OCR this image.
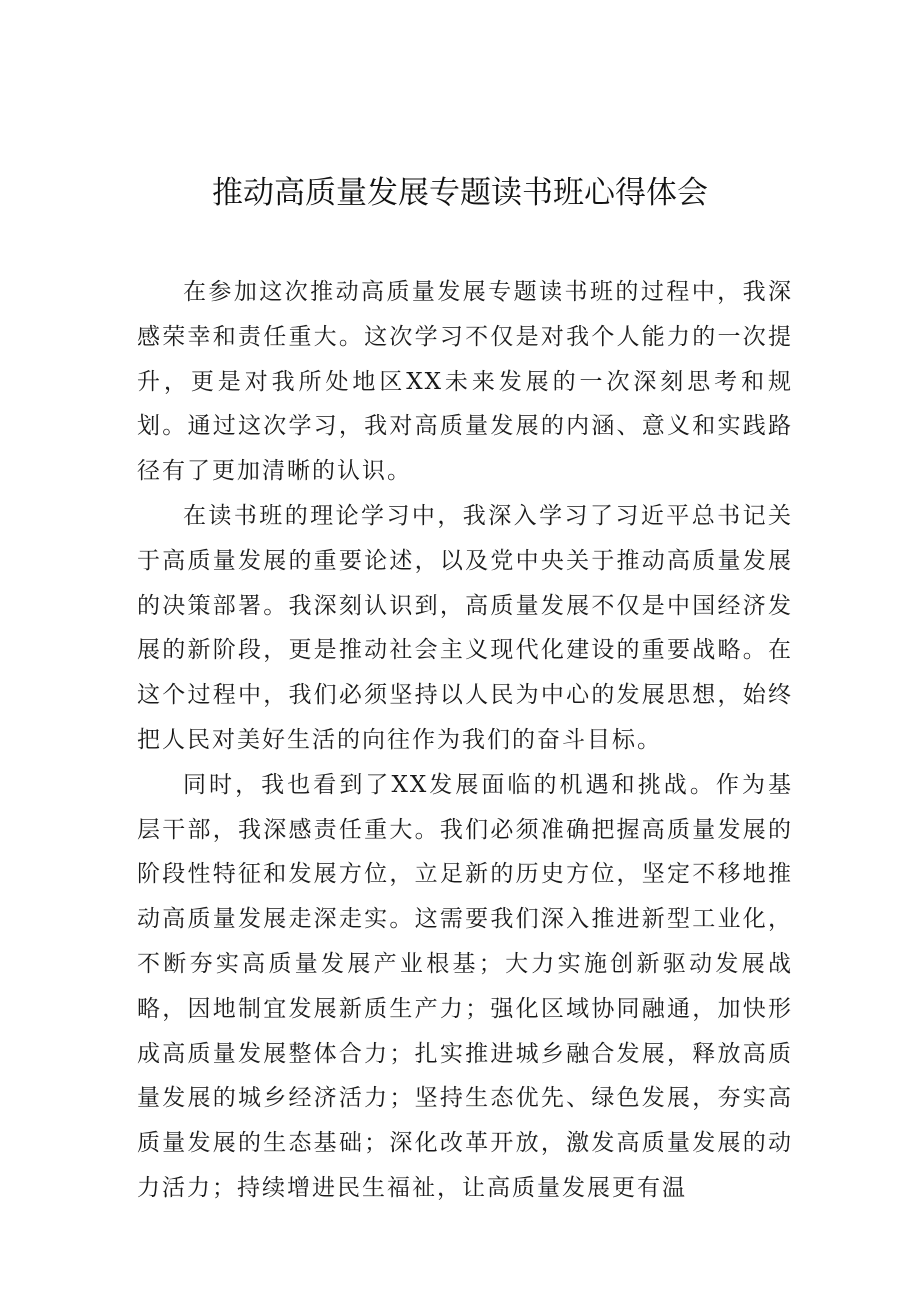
推动高质量发展专题读书班心得体会

在参加这次推动高质量发展专题读书班的过程中，我深感荣幸和责任重大。这次学习不仅是对我个人能力的一次提升，更是对我所处地区XX未来发展的一次深刻思考和规划。通过这次学习，我对高质量发展的内涵、意义和实践路径有了更加清晰的认识。

在读书班的理论学习中，我深入学习了习近平总书记关于高质量发展的重要论述，以及党中央关于推动高质量发展的决策部署。我深刻认识到，高质量发展不仅是中国经济发展的新阶段，更是推动社会主义现代化建设的重要战略。在这个过程中，我们必须坚持以人民为中心的发展思想，始终把人民对美好生活的向往作为我们的奋斗目标。

同时，我也看到了XX发展面临的机遇和挑战。作为基层干部，我深感责任重大。我们必须准确把握高质量发展的阶段性特征和发展方位，立足新的历史方位，坚定不移地推动高质量发展走深走实。这需要我们深入推进新型工业化，不断夯实高质量发展产业根基；大力实施创新驱动发展战略，因地制宜发展新质生产力；强化区域协同融通，加快形成高质量发展整体合力；扎实推进城乡融合发展，释放高质量发展的城乡经济活力；坚持生态优先、绿色发展，夯实高质量发展的生态基础；深化改革开放，激发高质量发展的动力活力；持续增进民生福祉，让高质量发展更有温
